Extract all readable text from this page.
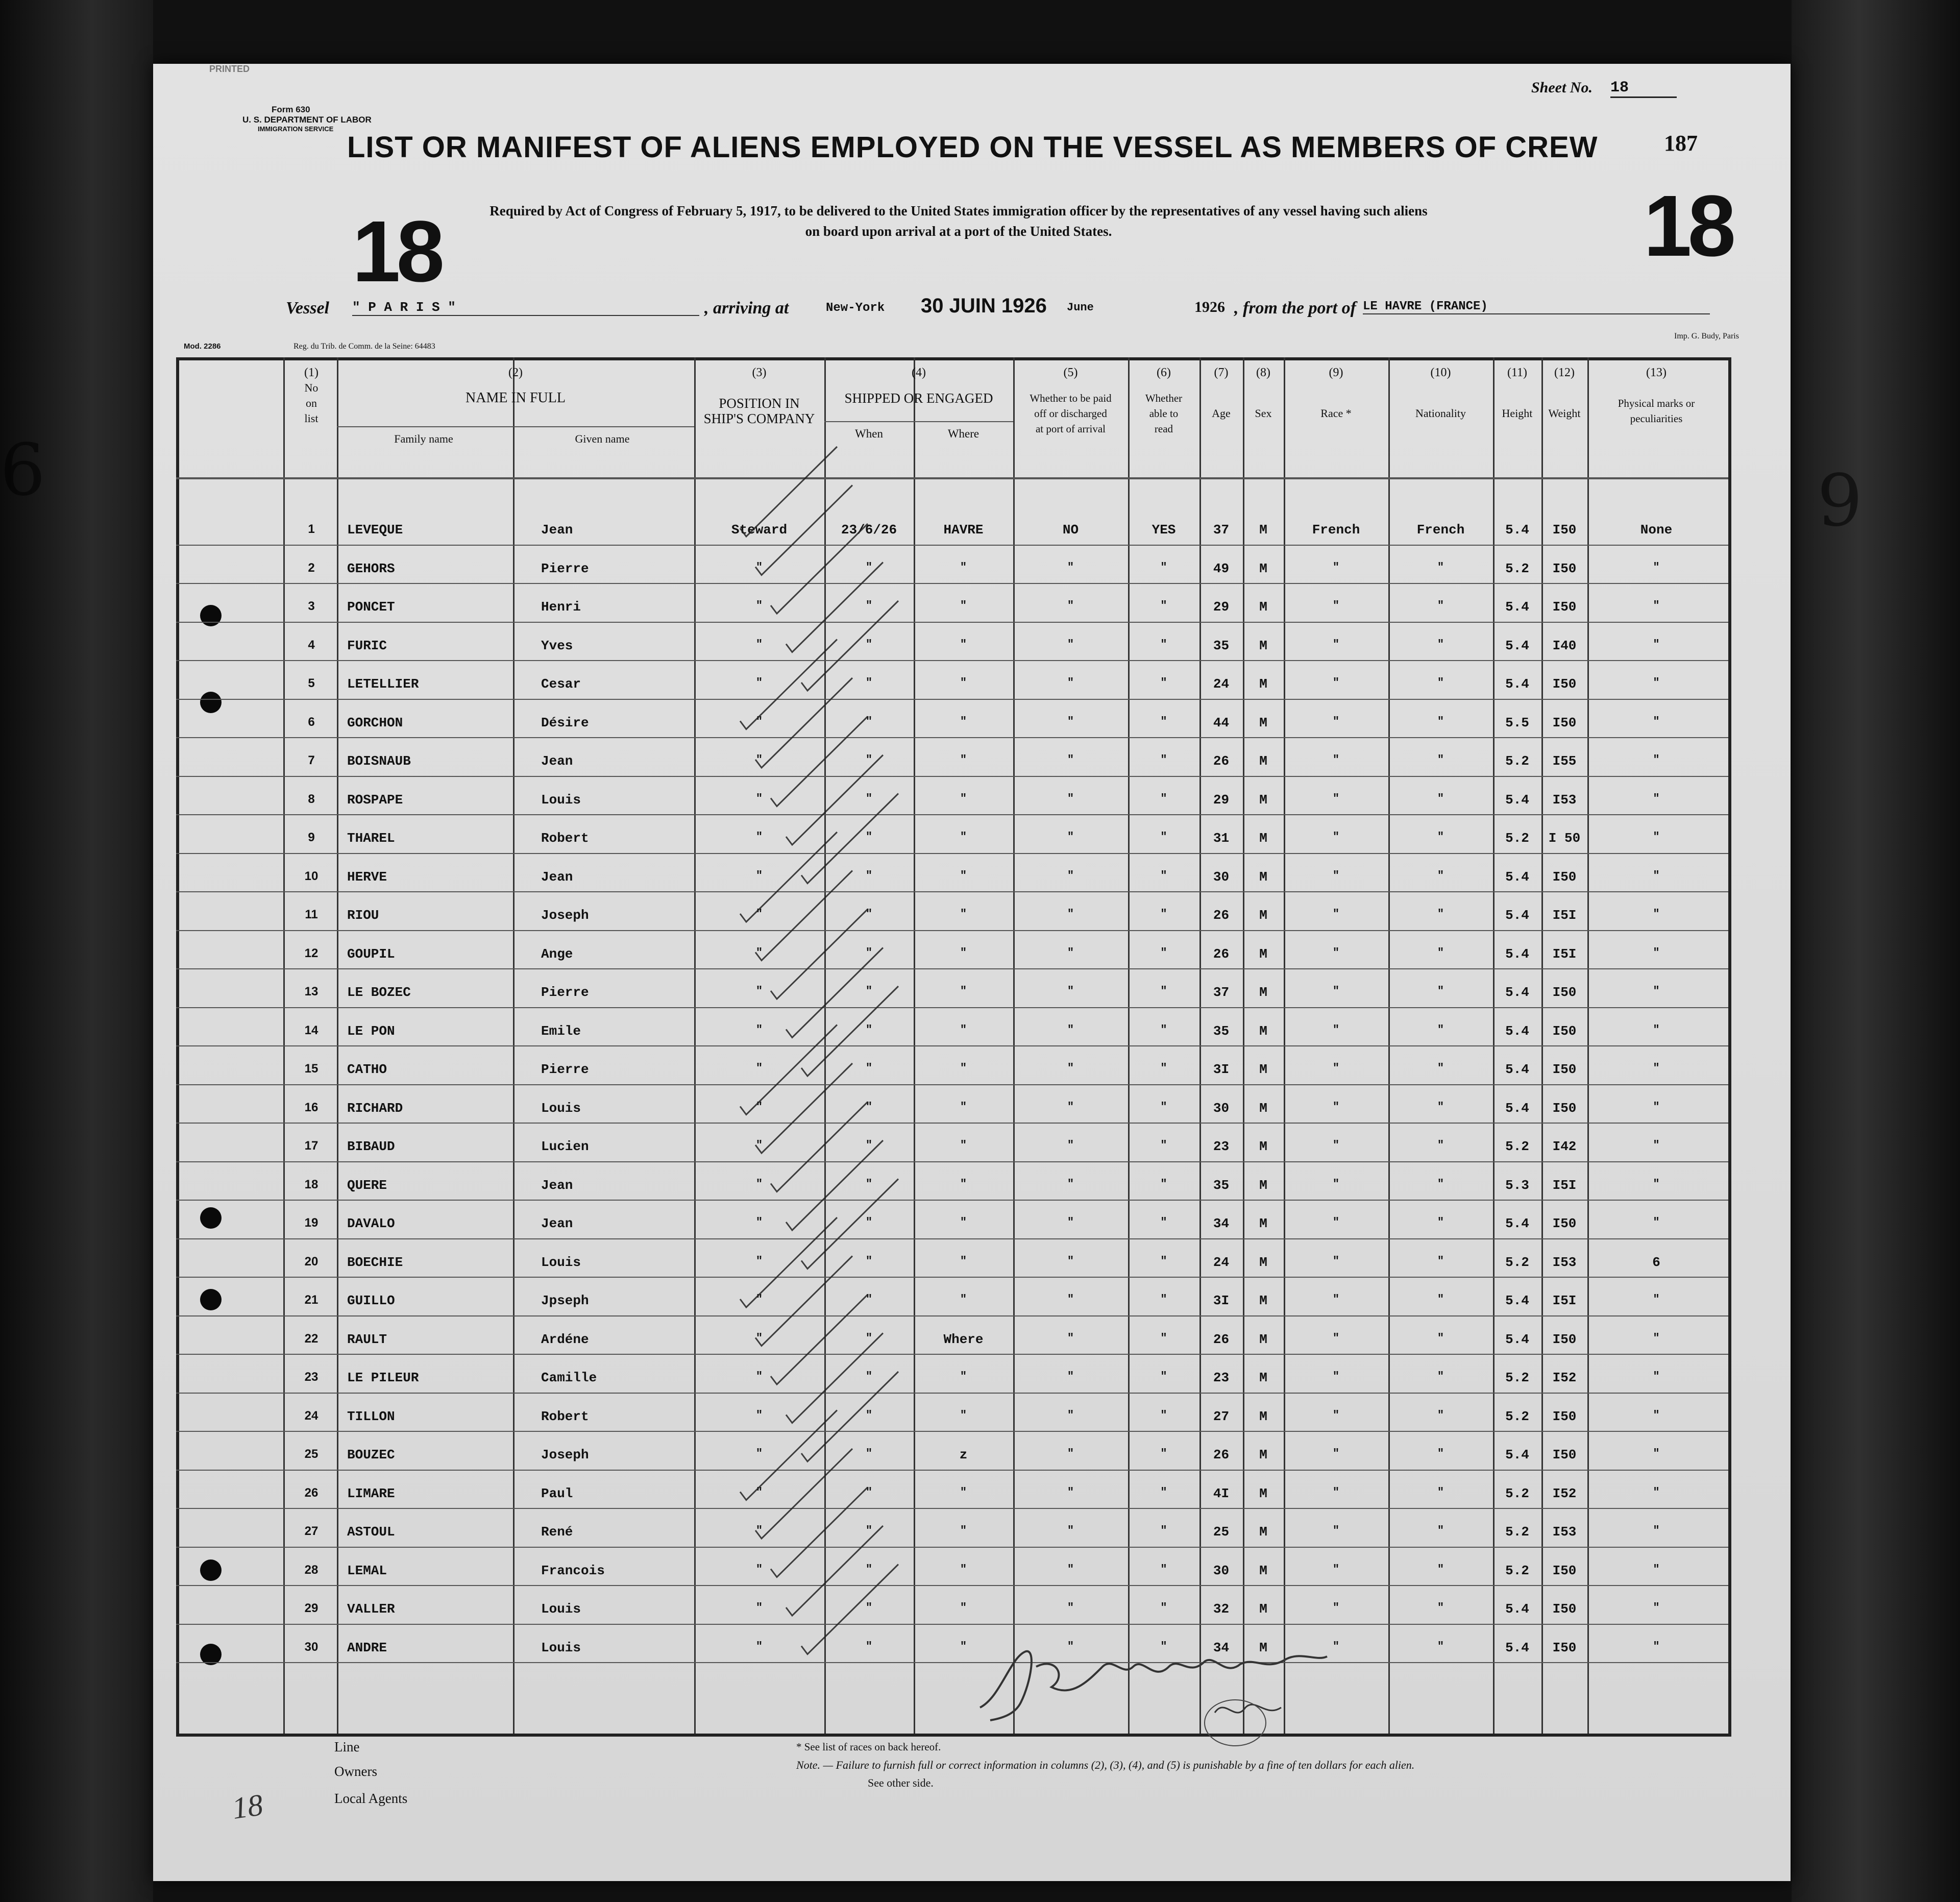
6	9
PRINTED
Form 630
U. S. DEPARTMENT OF LABOR
IMMIGRATION SERVICE
Sheet No. 18
187
LIST OR MANIFEST OF ALIENS EMPLOYED ON THE VESSEL AS MEMBERS OF CREW
18	18
Required by Act of Congress of February 5, 1917, to be delivered to the United States immigration officer by the representatives of any vessel having such aliens
on board upon arrival at a port of the United States.
Vessel " P A R I S "	, arriving at	New-York 30 JUIN 1926 June	1926 , from the port of LE HAVRE (FRANCE)
Imp. G. Budy, Paris
Mod. 2286	Reg. du Trib. de Comm. de la Seine: 64483
(1)
No
on
list
(2)
NAME IN FULL
Family name	Given name
(3)
POSITION IN
SHIP'S COMPANY
(4)
SHIPPED OR ENGAGED
When	Where
(5)
Whether to be paid
off or discharged
at port of arrival
(6)
Whether
able to
read
(7)
Age
(8)
Sex
(9)
Race *
(10)
Nationality
(11)
Height
(12)
Weight
(13)
Physical marks or
peculiarities
1	LEVEQUE	Jean	Steward	23/6/26	HAVRE	NO	YES	37	M	French	French	5.4	I50	None
2	GEHORS	Pierre	"	"	"	"	"	49	M	"	"	5.2	I50	"
3	PONCET	Henri	"	"	"	"	"	29	M	"	"	5.4	I50	"
4	FURIC	Yves	"	"	"	"	"	35	M	"	"	5.4	I40	"
5	LETELLIER	Cesar	"	"	"	"	"	24	M	"	"	5.4	I50	"
6	GORCHON	Désire	"	"	"	"	"	44	M	"	"	5.5	I50	"
7	BOISNAUB	Jean	"	"	"	"	"	26	M	"	"	5.2	I55	"
8	ROSPAPE	Louis	"	"	"	"	"	29	M	"	"	5.4	I53	"
9	THAREL	Robert	"	"	"	"	"	31	M	"	"	5.2	I 50	"
10	HERVE	Jean	"	"	"	"	"	30	M	"	"	5.4	I50	"
11	RIOU	Joseph	"	"	"	"	"	26	M	"	"	5.4	I5I	"
12	GOUPIL	Ange	"	"	"	"	"	26	M	"	"	5.4	I5I	"
13	LE BOZEC	Pierre	"	"	"	"	"	37	M	"	"	5.4	I50	"
14	LE PON	Emile	"	"	"	"	"	35	M	"	"	5.4	I50	"
15	CATHO	Pierre	"	"	"	"	"	3I	M	"	"	5.4	I50	"
16	RICHARD	Louis	"	"	"	"	"	30	M	"	"	5.4	I50	"
17	BIBAUD	Lucien	"	"	"	"	"	23	M	"	"	5.2	I42	"
18	QUERE	Jean	"	"	"	"	"	35	M	"	"	5.3	I5I	"
19	DAVALO	Jean	"	"	"	"	"	34	M	"	"	5.4	I50	"
20	BOECHIE	Louis	"	"	"	"	"	24	M	"	"	5.2	I53	6
21	GUILLO	Jpseph	"	"	"	"	"	3I	M	"	"	5.4	I5I	"
22	RAULT	Ardéne	"	"	Where	"	"	26	M	"	"	5.4	I50	"
23	LE PILEUR	Camille	"	"	"	"	"	23	M	"	"	5.2	I52	"
24	TILLON	Robert	"	"	"	"	"	27	M	"	"	5.2	I50	"
25	BOUZEC	Joseph	"	"	z	"	"	26	M	"	"	5.4	I50	"
26	LIMARE	Paul	"	"	"	"	"	4I	M	"	"	5.2	I52	"
27	ASTOUL	René	"	"	"	"	"	25	M	"	"	5.2	I53	"
28	LEMAL	Francois	"	"	"	"	"	30	M	"	"	5.2	I50	"
29	VALLER	Louis	"	"	"	"	"	32	M	"	"	5.4	I50	"
30	ANDRE	Louis	"	"	"	"	"	34	M	"	"	5.4	I50	"
Line
Owners
Local Agents
* See list of races on back hereof.
Note. — Failure to furnish full or correct information in columns (2), (3), (4), and (5) is punishable by a fine of ten dollars for each alien.
See other side.
18
